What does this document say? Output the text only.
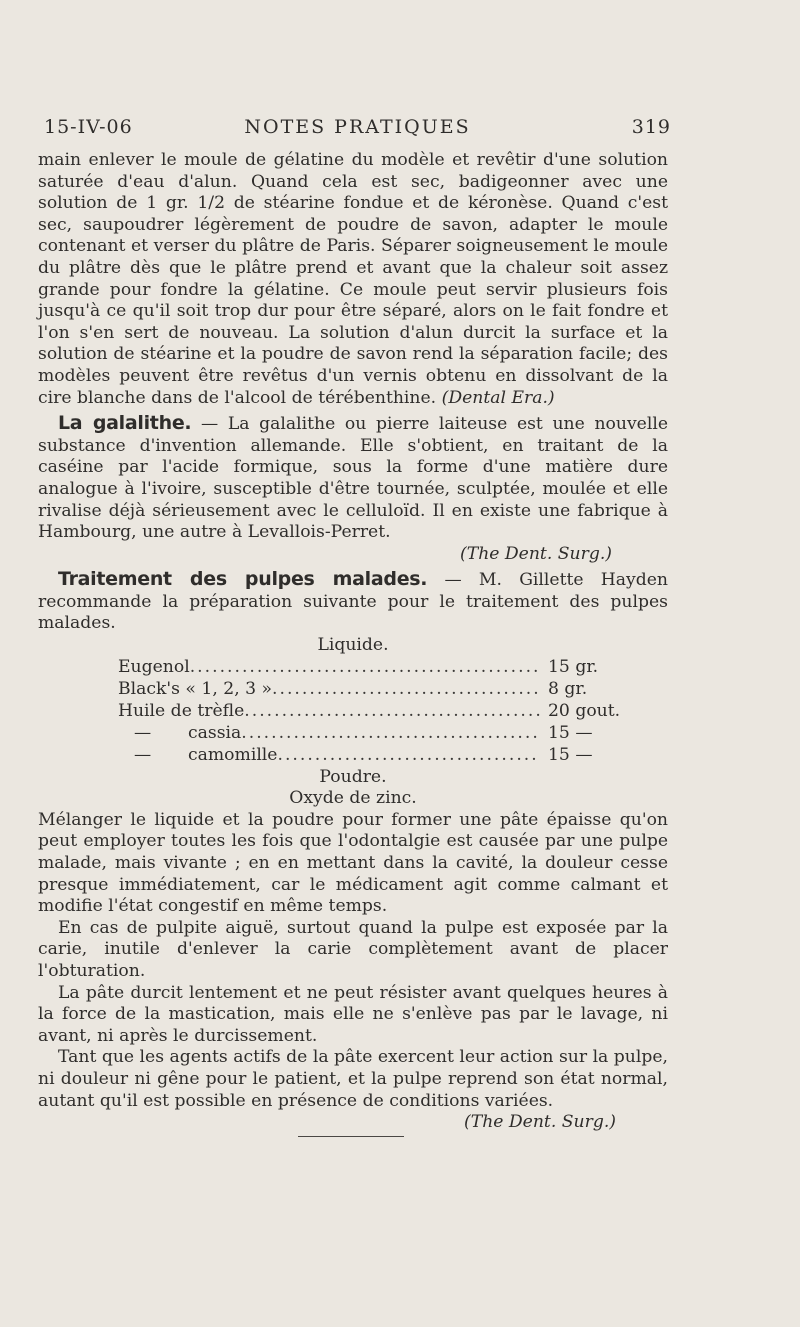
15-IV-06	NOTES PRATIQUES	319

main enlever le moule de gélatine du modèle et revêtir d'une solution saturée d'eau d'alun. Quand cela est sec, badigeonner avec une solution de 1 gr. 1/2 de stéarine fondue et de kéronèse. Quand c'est sec, saupoudrer légèrement de poudre de savon, adapter le moule contenant et verser du plâtre de Paris. Séparer soigneusement le moule du plâtre dès que le plâtre prend et avant que la chaleur soit assez grande pour fondre la gélatine. Ce moule peut servir plusieurs fois jusqu'à ce qu'il soit trop dur pour être séparé, alors on le fait fondre et l'on s'en sert de nouveau. La solution d'alun durcit la surface et la solution de stéarine et la poudre de savon rend la séparation facile; des modèles peuvent être revêtus d'un vernis obtenu en dissolvant de la cire blanche dans de l'alcool de térébenthine. (Dental Era.)

La galalithe. — La galalithe ou pierre laiteuse est une nouvelle substance d'invention allemande. Elle s'obtient, en traitant de la caséine par l'acide formique, sous la forme d'une matière dure analogue à l'ivoire, susceptible d'être tournée, sculptée, moulée et elle rivalise déjà sérieusement avec le celluloïd. Il en existe une fabrique à Hambourg, une autre à Levallois-Perret.

(The Dent. Surg.)

Traitement des pulpes malades. — M. Gillette Hayden recommande la préparation suivante pour le traitement des pulpes malades.

Liquide.

Eugenol .....	15 gr.
Black's « 1, 2, 3 » .....	8 gr.
Huile de trèfle .....	20 gout.
—	cassia .....	15 —
—	camomille .....	15 —

Poudre.

Oxyde de zinc.

Mélanger le liquide et la poudre pour former une pâte épaisse qu'on peut employer toutes les fois que l'odontalgie est causée par une pulpe malade, mais vivante ; en en mettant dans la cavité, la douleur cesse presque immédiatement, car le médicament agit comme calmant et modifie l'état congestif en même temps.

En cas de pulpite aiguë, surtout quand la pulpe est exposée par la carie, inutile d'enlever la carie complètement avant de placer l'obturation.

La pâte durcit lentement et ne peut résister avant quelques heures à la force de la mastication, mais elle ne s'enlève pas par le lavage, ni avant, ni après le durcissement.

Tant que les agents actifs de la pâte exercent leur action sur la pulpe, ni douleur ni gêne pour le patient, et la pulpe reprend son état normal, autant qu'il est possible en présence de conditions variées.

(The Dent. Surg.)
